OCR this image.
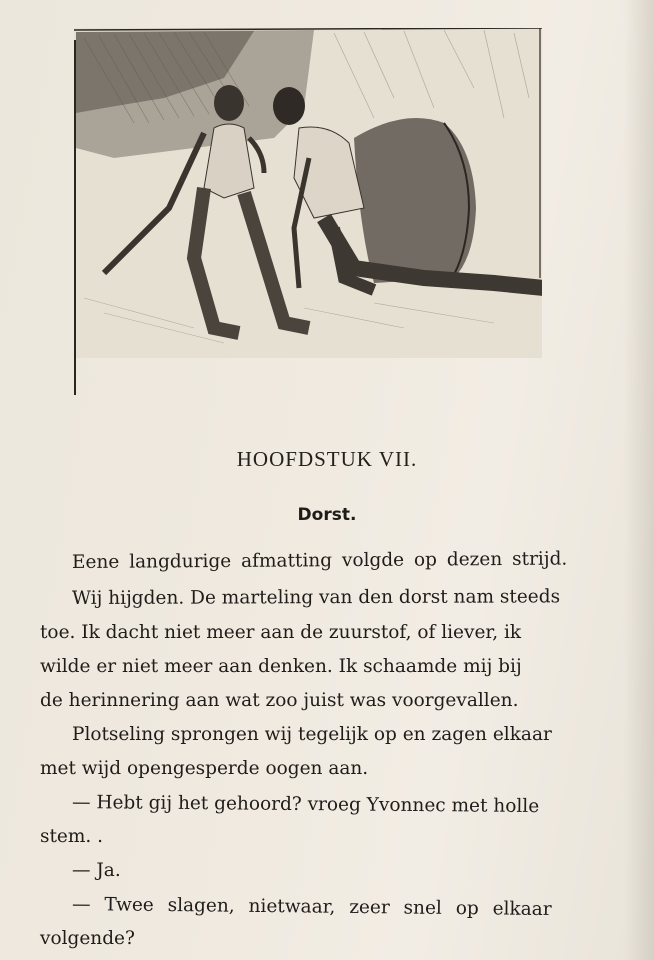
HOOFDSTUK VII.
Dorst.
Eene langdurige afmatting volgde op dezen strijd.
Wij hijgden. De marteling van den dorst nam steeds
toe. Ik dacht niet meer aan de zuurstof, of liever, ik
wilde er niet meer aan denken. Ik schaamde mij bij
de herinnering aan wat zoo juist was voorgevallen.
Plotseling sprongen wij tegelijk op en zagen elkaar
met wijd opengesperde oogen aan.
— Hebt gij het gehoord? vroeg Yvonnec met holle
stem. .
— Ja.
— Twee slagen, nietwaar, zeer snel op elkaar
volgende?
